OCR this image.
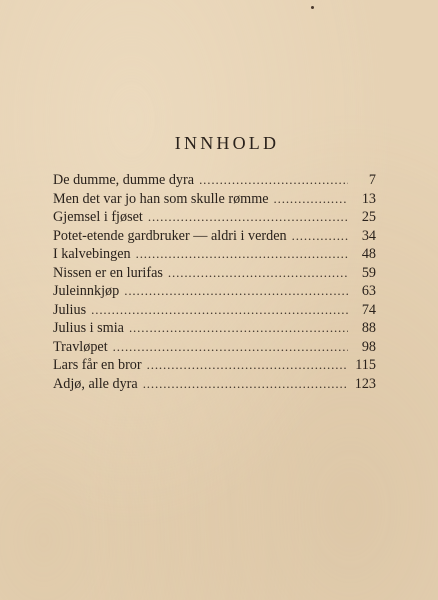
INNHOLD
De dumme, dumme dyra . . .	7
Men det var jo han som skulle rømme . . .	13
Gjemsel i fjøset . . .	25
Potet-etende gardbruker — aldri i verden . . .	34
I kalvebingen . . .	48
Nissen er en lurifas . . .	59
Juleinnkjøp . . .	63
Julius . . .	74
Julius i smia . . .	88
Travløpet . . .	98
Lars får en bror . . .	115
Adjø, alle dyra . . .	123
